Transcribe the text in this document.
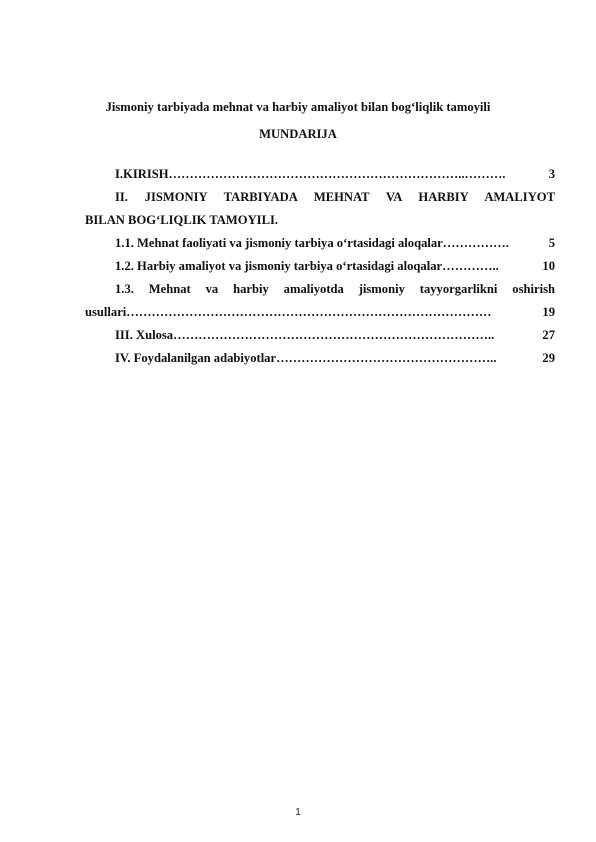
Jismoniy tarbiyada mehnat va harbiy amaliyot bilan bog‘liqlik tamoyili
MUNDARIJA
I.KIRISH ……………………………………………………………..……….	3
II. JISMONIY TARBIYADA MEHNAT VA HARBIY AMALIYOT
BILAN BOG‘LIQLIK TAMOYILI.
1.1. Mehnat faoliyati va jismoniy tarbiya o‘rtasidagi aloqalar …………….	5
1.2. Harbiy amaliyot va jismoniy tarbiya o‘rtasidagi aloqalar …………..	10
1.3. Mehnat va harbiy amaliyotda jismoniy tayyorgarlikni oshirish
usullari ……………………………………………………………………………	19
III. Xulosa …………………………………………………………………..	27
IV. Foydalanilgan adabiyotlar ……………………………………………..	29
1
